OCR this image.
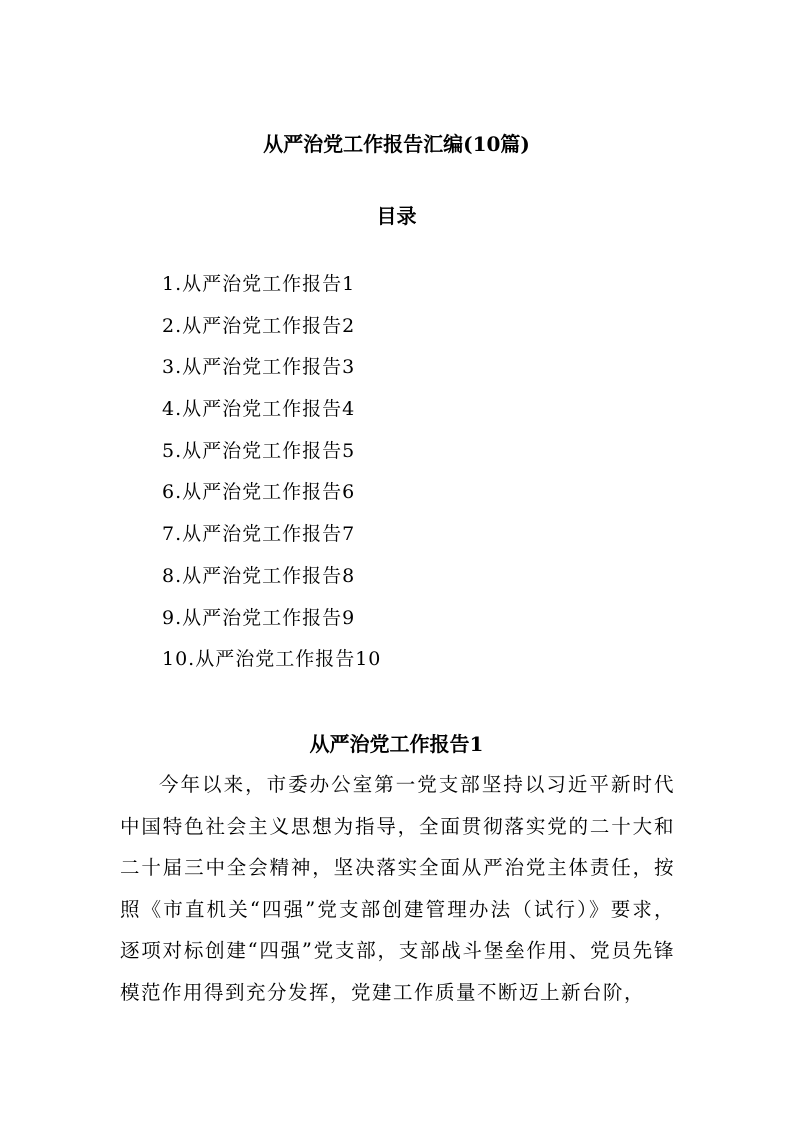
从严治党工作报告汇编(10篇)
目录
1.从严治党工作报告1
2.从严治党工作报告2
3.从严治党工作报告3
4.从严治党工作报告4
5.从严治党工作报告5
6.从严治党工作报告6
7.从严治党工作报告7
8.从严治党工作报告8
9.从严治党工作报告9
10.从严治党工作报告10
从严治党工作报告1

今年以来，市委办公室第一党支部坚持以习近平新时代中国特色社会主义思想为指导，全面贯彻落实党的二十大和二十届三中全会精神，坚决落实全面从严治党主体责任，按照《市直机关“四强”党支部创建管理办法（试行）》要求，逐项对标创建“四强”党支部，支部战斗堡垒作用、党员先锋模范作用得到充分发挥，党建工作质量不断迈上新台阶，
